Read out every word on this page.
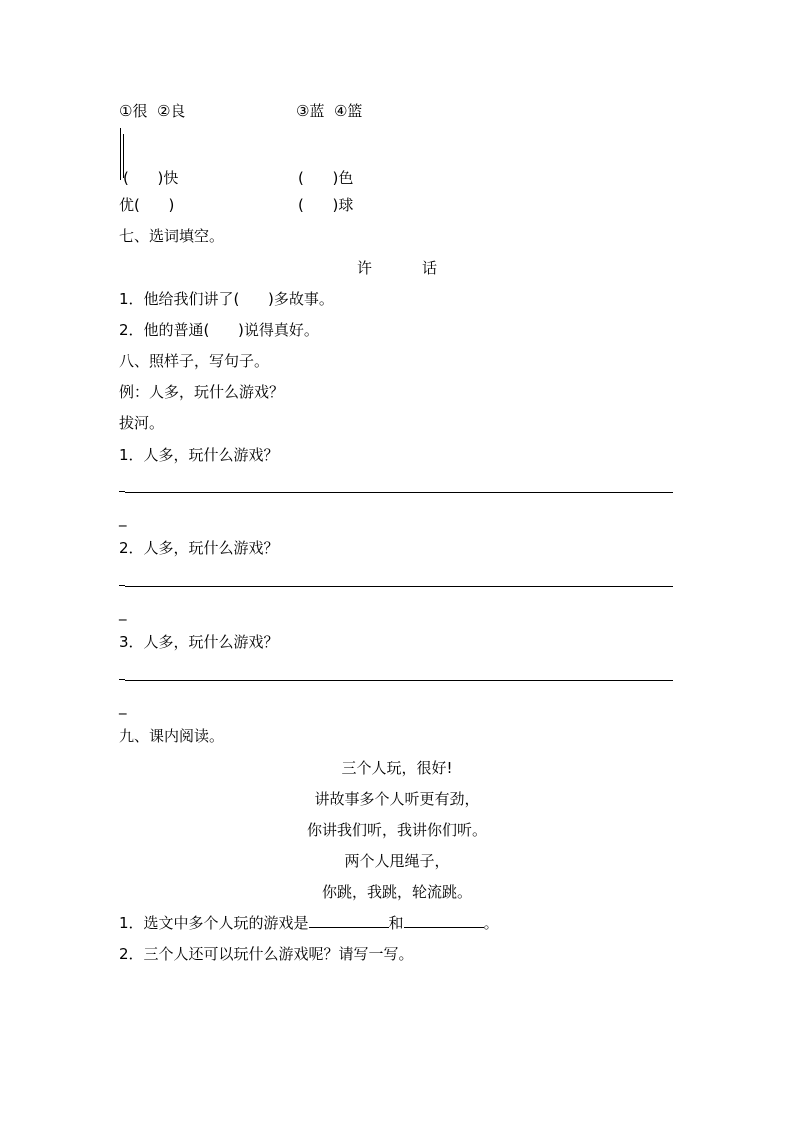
①很  ②良	③蓝  ④篮
(      )快	(      )色
优(      )	(      )球
七、选词填空。
许	话
1．他给我们讲了(      )多故事。
2．他的普通(      )说得真好。
八、照样子，写句子。
例：人多，玩什么游戏？
拔河。
1．人多，玩什么游戏？
_
2．人多，玩什么游戏？
_
3．人多，玩什么游戏？
_
九、课内阅读。
三个人玩，很好!
讲故事多个人听更有劲，
你讲我们听，我讲你们听。
两个人甩绳子，
你跳，我跳，轮流跳。
1．选文中多个人玩的游戏是	和	。
2．三个人还可以玩什么游戏呢？请写一写。
